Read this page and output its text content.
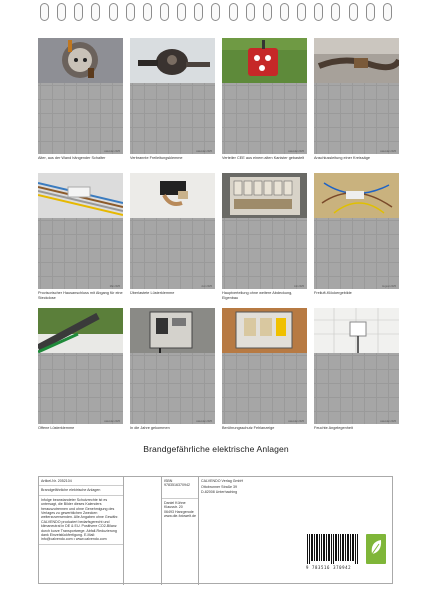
calendar 2025
Alter, aus der Wand hängender Schalter
calendar 2025
Verbrannte Freileitungsklemme
calendar 2025
Verteiler CEE aus einem alten Kanister gebastelt
calendar 2025
Anschlussleitung einer Kreissäge
Mai 2025
Provisorischer Hausanschluss mit Abgang für eine Steckdose
Juni 2025
Überlastete Lüsterklemme
Juli 2025
Hauptverteilung ohne weitere Abdeckung, Eigenbau
August 2025
Freiluft-Klöckergebilde
calendar 2025
Offene Lüsterklemme
calendar 2025
In die Jahre gekommen
calendar 2025
Berührungsschutz Fehlanzeige
calendar 2025
Feuchte Angelegenheit
Brandgefährliche elektrische Anlagen
Artikel-Nr. 2052104
Brandgefährliche elektrische Anlagen
Infolge beanstandeter Schutzrechte ist es untersagt, die Bilder dieses Kalenders herauszutrennen und ohne Genehmigung des Verlages zu gewerblichen Zwecken weiterzuverwenden. Alle Angaben ohne Gewähr. CALVENDO produziert bedarfsgerecht und klimaneutral in DE & EU. Positivere CO2-Bilanz durch kurze Transportwege. Abfall-Reduzierung dank Einzelstückfertigung. E-Mail: info@calvendo.com • www.calvendo.com
ISBN 9783516370942
Daniel Kühne
Klausstr. 20
06493 Harzgerode
www.die-fotowelt.de
CALVENDO Verlag GmbH
Ottobrunner Straße 39
D-82008 Unterhaching
9 783516 370942
